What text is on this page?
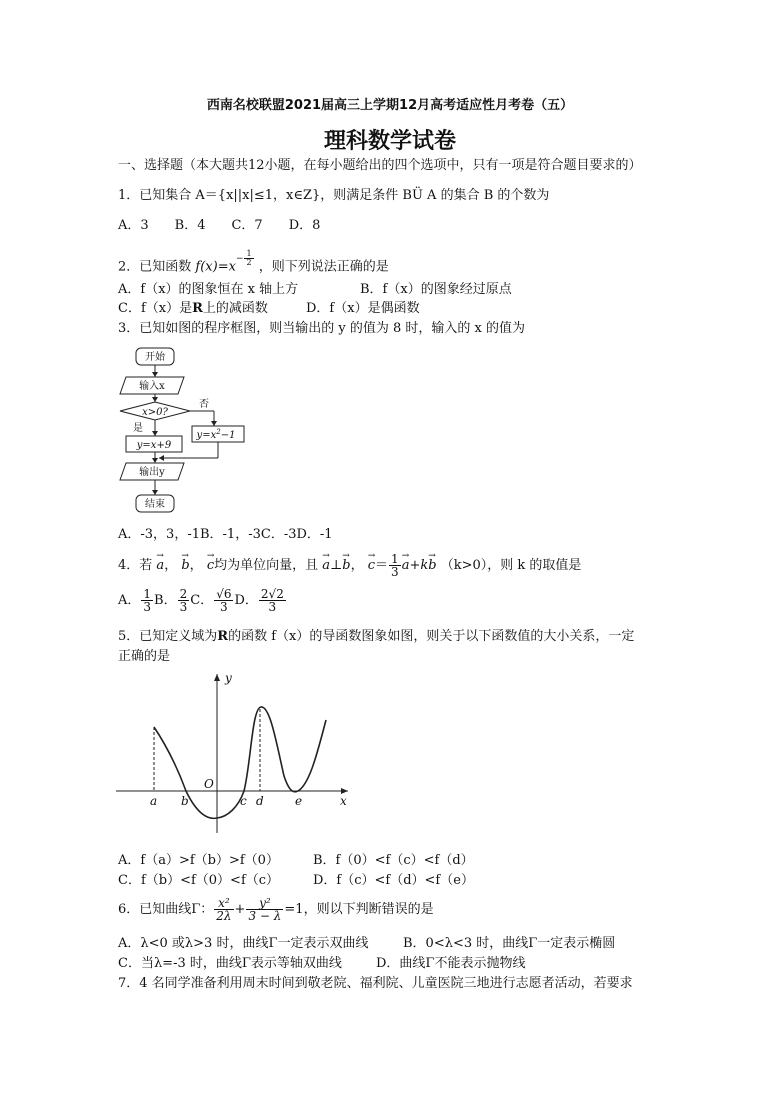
西南名校联盟2021届高三上学期12月高考适应性月考卷（五）
理科数学试卷
一、选择题（本大题共12小题，在每小题给出的四个选项中，只有一项是符合题目要求的）
1．已知集合 A＝{x||x|≤1，x∈Z}，则满足条件 BÜ A 的集合 B 的个数为
A．3　　B．4　　C．7　　D．8
2．已知函数 $f(x)=x^{- \frac{1}{2}}$ ，则下列说法正确的是
A．f（x）的图象恒在 x 轴上方	B．f（x）的图象经过原点
C．f（x）是R上的减函数	D．f（x）是偶函数
3．已知如图的程序框图，则当输出的 y 的值为 8 时，输入的 x 的值为
开始
输入x
x>0?
否
是
y=x+9
$y=x^2-1$
输出y
结束
A．-3，3，-1B．-1，-3C．-3D．-1
4．若 → a， → b， → c均为单位向量，且 → a⊥→ b， → $c= \frac{1}{3}$
→ a+k→ b （k>0），则 k 的取值是
A． $\frac{1}{3}$ B． $\frac{2}{3}$ C． $\frac{√6}{3}$ D． $\frac{2√2}{3}$
5．已知定义域为R的函数 f（x）的导函数图象如图，则关于以下函数值的大小关系，一定
正确的是
y
x
O
a b	c d	e
A．f（a）>f（b）>f（0）	B．f（0）<f（c）<f（d）
C．f（b）<f（0）<f（c）	D．f（c）<f（d）<f（e）
6．已知曲线Γ： $\frac{\text{x²}}{2\lambda} + \frac{\text{y²}}{3 - \lambda} =1$，则以下判断错误的是
A．λ<0 或λ>3 时，曲线Γ一定表示双曲线	B．0<λ<3 时，曲线Γ一定表示椭圆
C．当λ=-3 时，曲线Γ表示等轴双曲线	D．曲线Γ不能表示抛物线
7．4 名同学准备利用周末时间到敬老院、福利院、儿童医院三地进行志愿者活动，若要求
